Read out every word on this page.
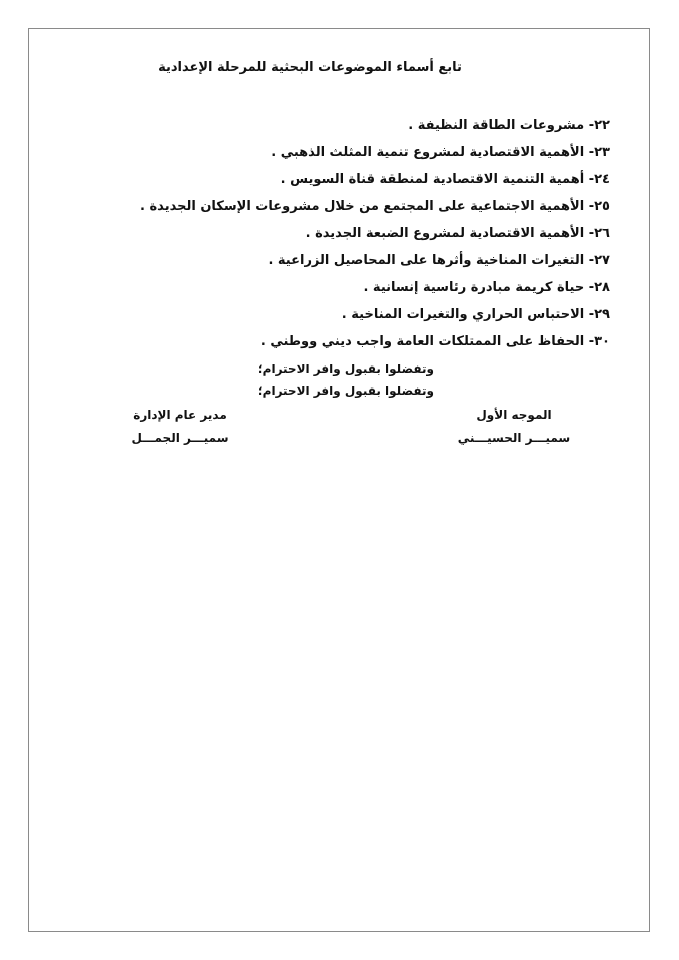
تابع أسماء الموضوعات البحثية للمرحلة الإعدادية
٢٢- مشروعات الطاقة النظيفة .
٢٣- الأهمية الاقتصادية لمشروع تنمية المثلث الذهبي .
٢٤- أهمية التنمية الاقتصادية لمنطقة قناة السويس .
٢٥- الأهمية الاجتماعية على المجتمع من خلال مشروعات الإسكان الجديدة .
٢٦- الأهمية الاقتصادية لمشروع الضبعة الجديدة .
٢٧- التغيرات المناخية وأثرها على المحاصيل الزراعية .
٢٨- حياة كريمة مبادرة رئاسية إنسانية .
٢٩- الاحتباس الحراري والتغيرات المناخية .
٣٠- الحفاظ على الممتلكات العامة واجب ديني ووطني .
وتفضلوا بقبول وافر الاحترام؛
وتفضلوا بقبول وافر الاحترام؛
الموجه الأول
سميـــر الحسيـــني
مدير عام الإدارة
سميـــر الجمـــل
